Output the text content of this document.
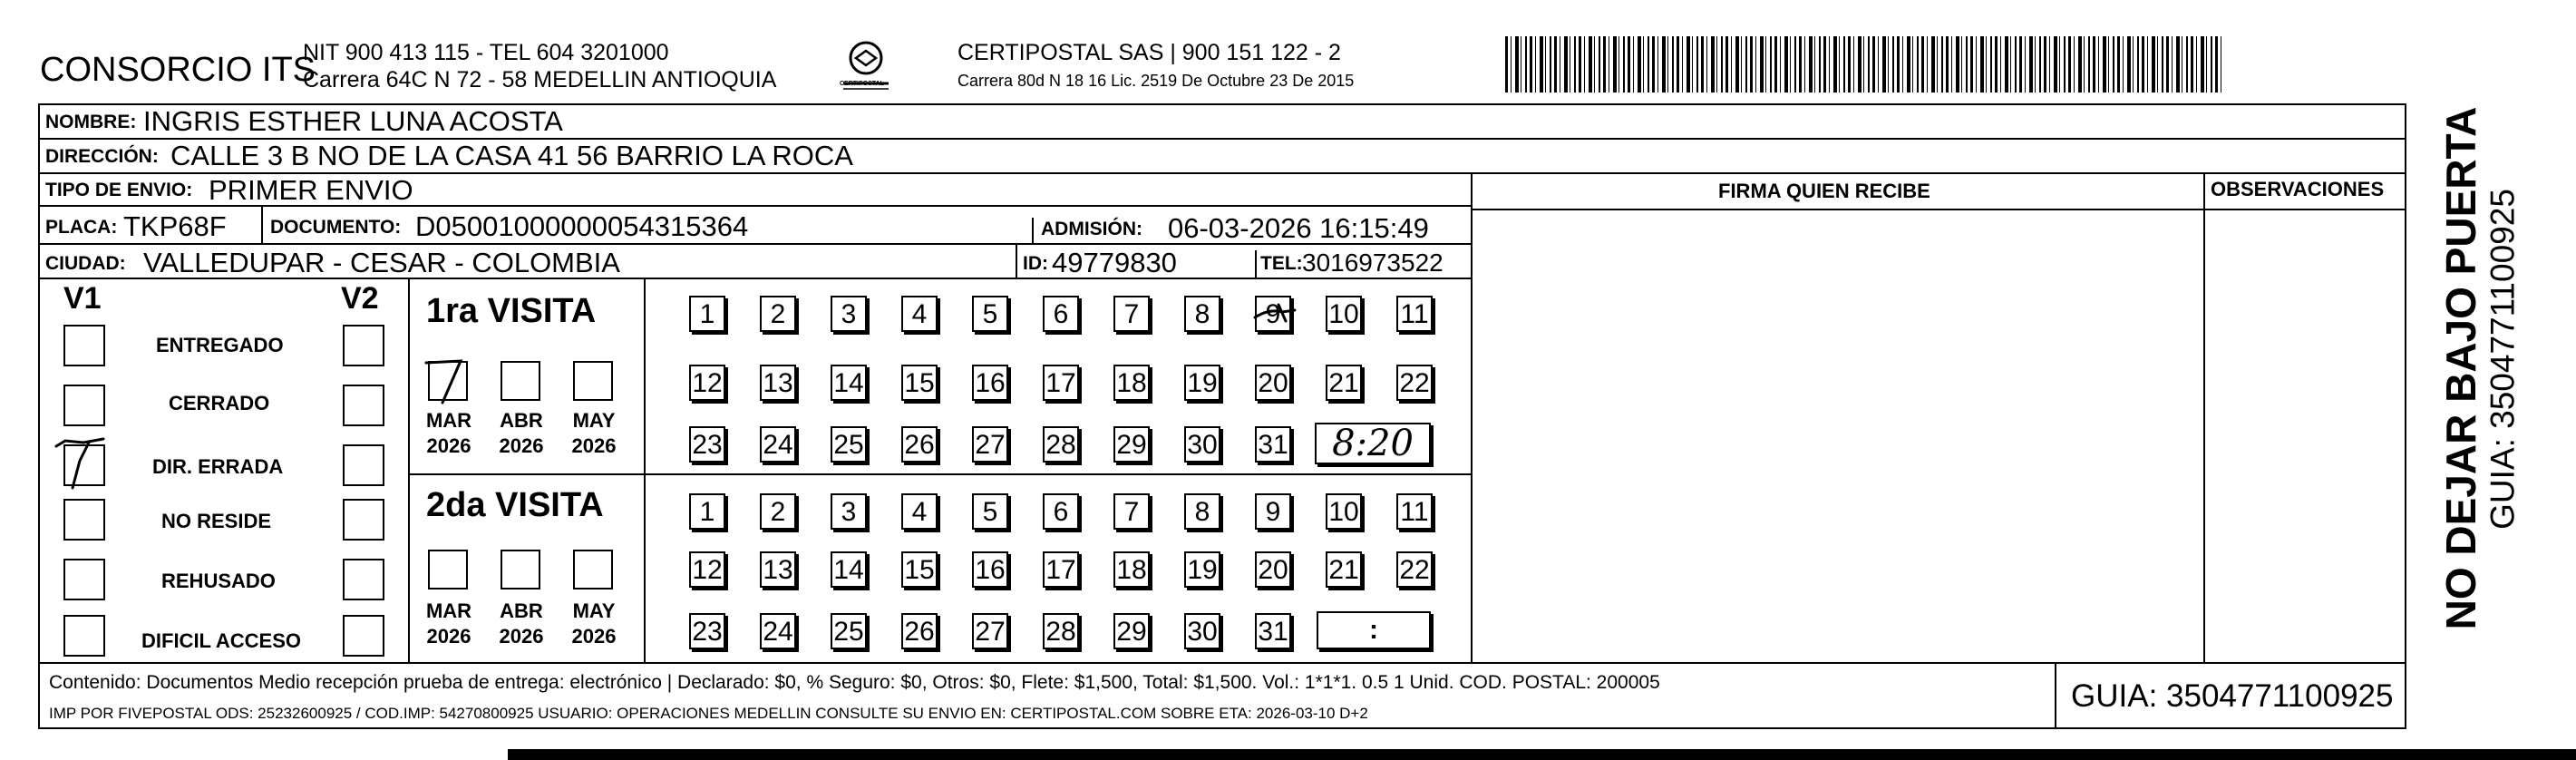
CONSORCIO ITS
NIT 900 413 115 - TEL 604 3201000
Carrera 64C N 72 - 58 MEDELLIN ANTIOQUIA	CERTIPOSTAL
CERTIPOSTAL SAS | 900 151 122 - 2
Carrera 80d N 18 16 Lic. 2519 De Octubre 23 De 2015
NOMBRE: INGRIS ESTHER LUNA ACOSTA
DIRECCIÓN: CALLE 3 B NO DE LA CASA 41 56 BARRIO LA ROCA
TIPO DE ENVIO: PRIMER ENVIO
PLACA: TKP68F DOCUMENTO: D05001000000054315364	ADMISIÓN: 06-03-2026 16:15:49
CIUDAD: VALLEDUPAR - CESAR - COLOMBIA	ID: 49779830	TEL: 3016973522
FIRMA QUIEN RECIBE	OBSERVACIONES
V1	V2
ENTREGADO
CERRADO
DIR. ERRADA
NO RESIDE
REHUSADO
DIFICIL ACCESO
1ra VISITA
MAR	ABR	MAY
2026	2026	2026
1	2	3	4	5	6	7	8	9	10 11
12 13 14 15 16 17 18 19 20 21 22
23 24 25 26 27 28 29 30 31	8:20
2da VISITA
MAR	ABR	MAY
2026	2026	2026
1	2	3	4	5	6	7	8	9	10 11
12 13 14 15 16 17 18 19 20 21 22
23 24 25 26 27 28 29 30 31	:
Contenido: Documentos Medio recepción prueba de entrega: electrónico | Declarado: $0, % Seguro: $0, Otros: $0, Flete: $1,500, Total: $1,500. Vol.: 1*1*1. 0.5 1 Unid. COD. POSTAL: 200005
IMP POR FIVEPOSTAL ODS: 25232600925 / COD.IMP: 54270800925 USUARIO: OPERACIONES MEDELLIN CONSULTE SU ENVIO EN: CERTIPOSTAL.COM SOBRE ETA: 2026-03-10 D+2	GUIA: 3504771100925
NO DEJAR BAJO PUERTA GUIA: 3504771100925
